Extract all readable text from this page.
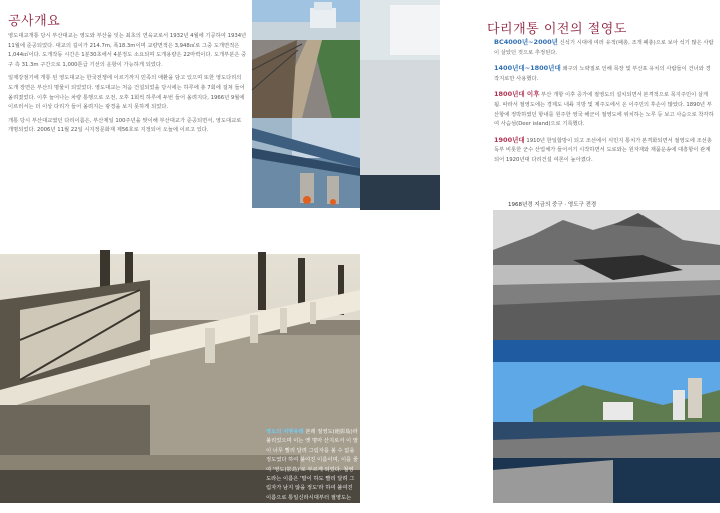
공사개요

영도대교개통 당시 부산대교는 영도와 부산을 잇는 최초의 연육교로서 1932년 4월에 기공하여 1934년 11월에 준공되었다. 대교의 길이가 214.7m, 폭18.3m이며 교량면적은 3,948㎡로 그중 도개면적은 1,044㎡이다. 도개작동 시간은 1분30초에서 4분정도 소요되며 도개용량은 22마력이다. 도개부분은 중구 측 31.3m 구간으로 1,000톤급 기선의 운항이 가능하게 되었다.

일제강점기에 개통 된 영도대교는 한국전쟁에 이르기까지 민족의 애환을 담고 있으며 또한 영도다리의 도개 장면은 부산의 명물이 되었었다. 영도대교는 처음 건설되었을 당시에는 하루에 총 7회에 걸쳐 들어 올려졌었다. 이후 늘어나는 차량 통행으로 오전, 오후 1회씩 하루에 두번 들어 올려지다, 1966년 9월에 이르러서는 더 이상 다리가 들어 올려지는 광경을 보지 못하게 되었다.

개통 당시 부산대교였던 다리이름은, 부산제일 100주년을 맞이해 부산대교가 준공되면서, 영도대교로 개명되었다. 2006년 11월 22일 시지정문화재 제56호로 지정되어 오늘에 이르고 있다.

영도의 지명유래 본래 절영도(絶影島)라 불리었으며 이는 옛 명마 산지로서 이 말이 너무 빨리 달려 그림자를 볼 수 없을 정도였다 하여 붙여진 이름이며, 이를 줄여 '영도(影島)'로 부르게 되었다. 철영도라는 이름은 '말이 하도 빨리 달려 그림자가 남지 않을 정도'라 하여 붙여진 이름으로 통일신라시대부터 절영도는 말의 명산지로 이름이 나있었다.
다리개통 이전의 절영도
BC4000년~2000년 신석기 시대에 여러 유적(패총, 조개 패총)으로 보아 석기 많은 사람이 살았던 것으로 추정된다.
1400년대~1800년대 왜구의 노략질로 인해 목장 및 부산포 유치의 사람들이 건너와 경작지로만 사용했다.
1800년대 이후 부산 개항 이후 증가에 절영도의 설치되면서 본격적으로 목지주민이 살게 됨. 따라서 절영도에는 경제도 내륙 지방 및 제주도에서 온 이주민의 후손이 많았다. 1890년 부산항에 정박하였던 항내를 원주한 영국 해군이 절영도에 위치하는 노루 등 보고 사슴으로 착각하여 사슴섬(Deer island)으로 기록했다.
1900년대 1910년 한일합방이 되고 조선에서 식민지 통치가 본격화되면서 절영도에 조선총독부 비롯한 군수 산업체가 들어서기 시작하면서 도로와는 원자재와 재품운송에 대흥항이 관계되어 1920년대 다리건설 여론이 높아졌다.
1968년경 지금의 중구 · 영도구 전경
